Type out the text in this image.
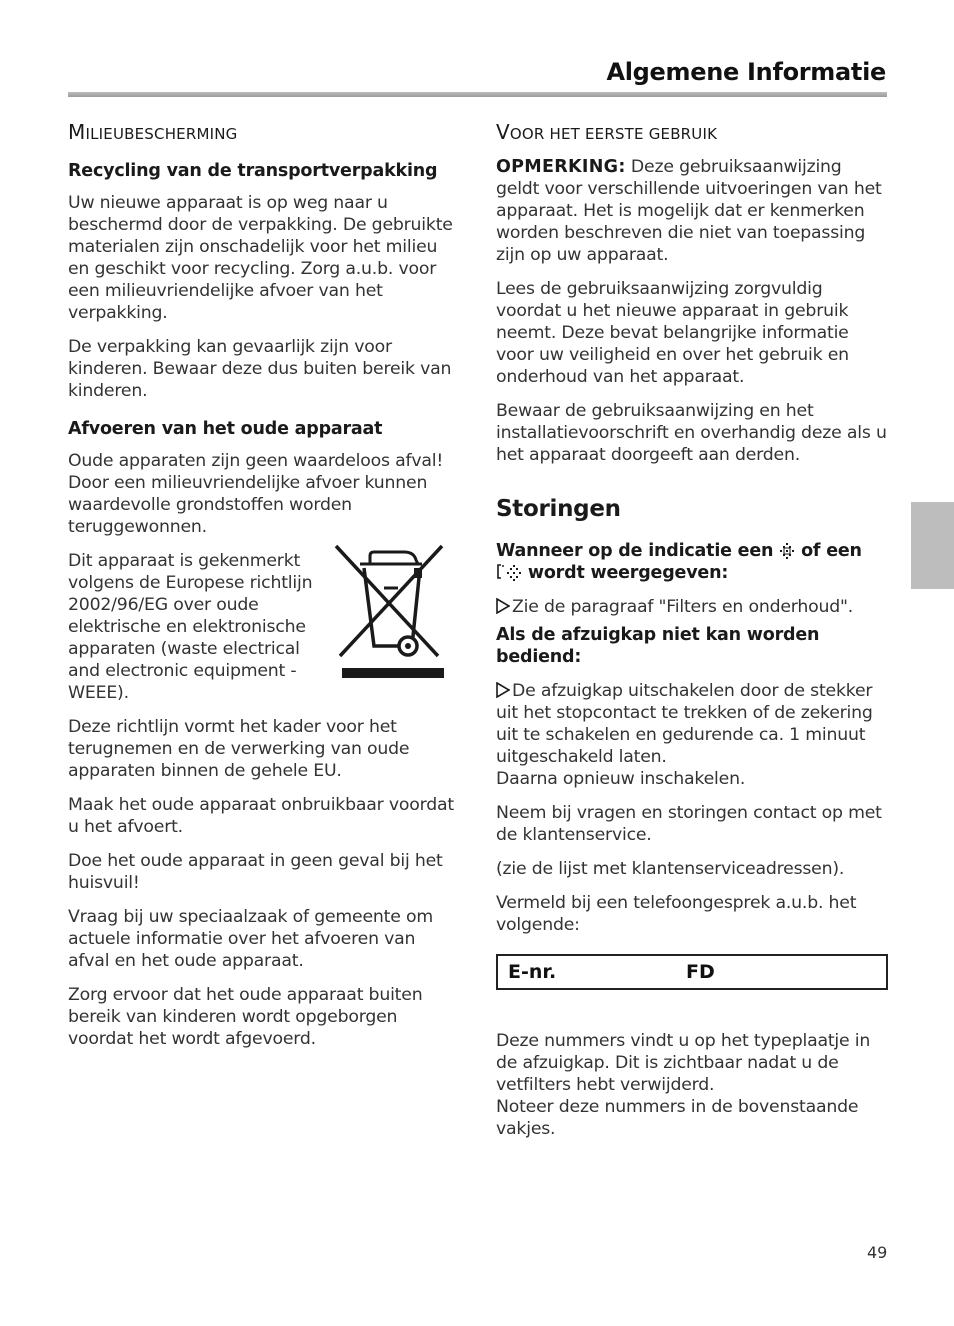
Algemene Informatie
MILIEUBESCHERMING
Recycling van de transportverpakking

Uw nieuwe apparaat is op weg naar u beschermd door de verpakking. De gebruikte materialen zijn onschadelijk voor het milieu en geschikt voor recycling. Zorg a.u.b. voor een milieuvriendelijke afvoer van het verpakking.

De verpakking kan gevaarlijk zijn voor kinderen. Bewaar deze dus buiten bereik van kinderen.

Afvoeren van het oude apparaat

Oude apparaten zijn geen waardeloos afval! Door een milieuvriendelijke afvoer kunnen waardevolle grondstoffen worden teruggewonnen.

Dit apparaat is gekenmerkt volgens de Europese richtlijn 2002/96/EG over oude elektrische en elektronische apparaten (waste electrical and electronic equipment - WEEE).

Deze richtlijn vormt het kader voor het terugnemen en de verwerking van oude apparaten binnen de gehele EU.

Maak het oude apparaat onbruikbaar voordat u het afvoert.

Doe het oude apparaat in geen geval bij het huisvuil!

Vraag bij uw speciaalzaak of gemeente om actuele informatie over het afvoeren van afval en het oude apparaat.

Zorg ervoor dat het oude apparaat buiten bereik van kinderen wordt opgeborgen voordat het wordt afgevoerd.

VOOR HET EERSTE GEBRUIK

OPMERKING: Deze gebruiksaanwijzing geldt voor verschillende uitvoeringen van het apparaat. Het is mogelijk dat er kenmerken worden beschreven die niet van toepassing zijn op uw apparaat.

Lees de gebruiksaanwijzing zorgvuldig voordat u het nieuwe apparaat in gebruik neemt. Deze bevat belangrijke informatie voor uw veiligheid en over het gebruik en onderhoud van het apparaat.

Bewaar de gebruiksaanwijzing en het installatievoorschrift en overhandig deze als u het apparaat doorgeeft aan derden.

Storingen
Wanneer op de indicatie een  of een  wordt weergegeven:

Zie de paragraaf "Filters en onderhoud".

Als de afzuigkap niet kan worden bediend:

De afzuigkap uitschakelen door de stekker uit het stopcontact te trekken of de zekering uit te schakelen en gedurende ca. 1 minuut uitgeschakeld laten.

Daarna opnieuw inschakelen.

Neem bij vragen en storingen contact op met de klantenservice.

(zie de lijst met klantenserviceadressen).

Vermeld bij een telefoongesprek a.u.b. het volgende:

E-nr.	FD

Deze nummers vindt u op het typeplaatje in de afzuigkap. Dit is zichtbaar nadat u de vetfilters hebt verwijderd.

Noteer deze nummers in de bovenstaande vakjes.

49
